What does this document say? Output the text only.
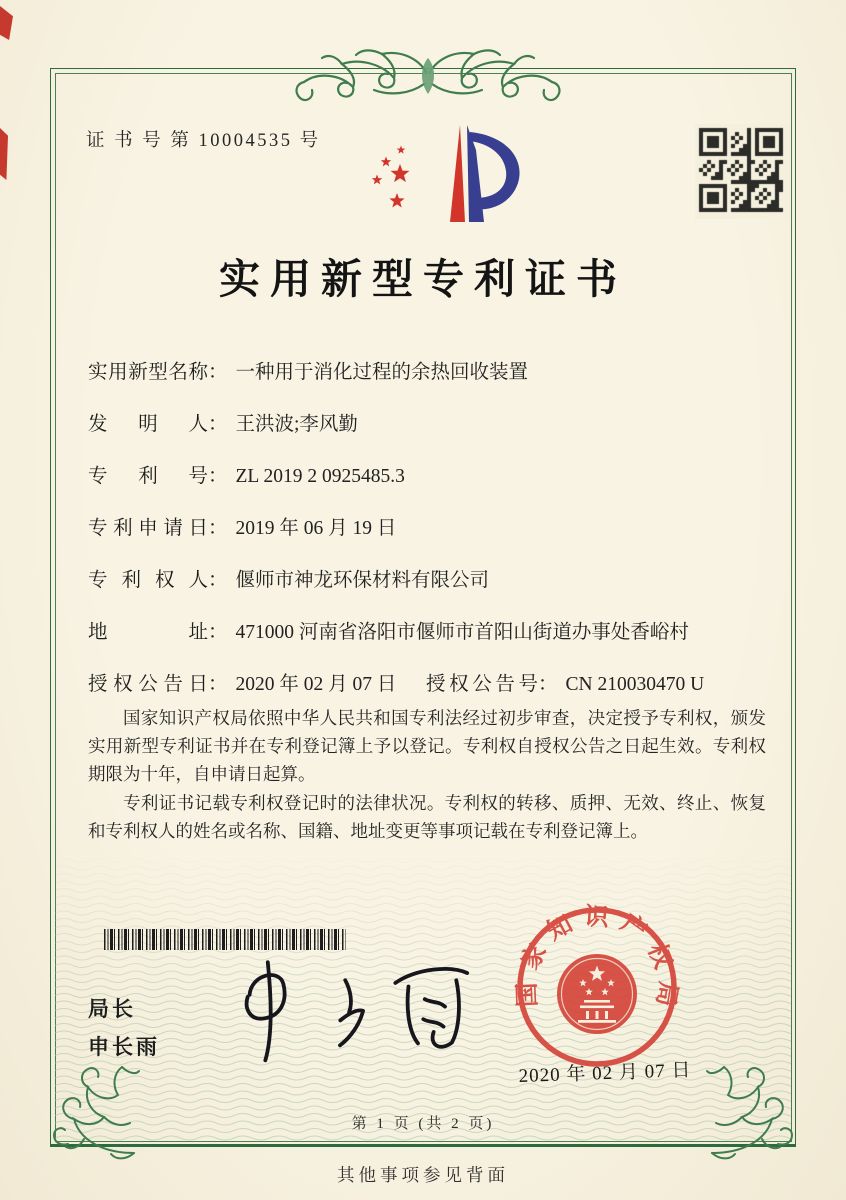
证 书 号 第 10004535 号
实用新型专利证书
实用新型名称： 一种用于消化过程的余热回收装置
发明人： 王洪波;李风勤
专利号： ZL 2019 2 0925485.3
专利申请日： 2019 年 06 月 19 日
专利权人： 偃师市神龙环保材料有限公司
地址： 471000 河南省洛阳市偃师市首阳山街道办事处香峪村
授权公告日： 2020 年 02 月 07 日 授权公告号： CN 210030470 U

国家知识产权局依照中华人民共和国专利法经过初步审查，决定授予专利权，颁发实用新型专利证书并在专利登记簿上予以登记。专利权自授权公告之日起生效。专利权期限为十年，自申请日起算。

专利证书记载专利权登记时的法律状况。专利权的转移、质押、无效、终止、恢复和专利权人的姓名或名称、国籍、地址变更等事项记载在专利登记簿上。

局长
申长雨
国家知识产权局
2020 年 02 月 07 日
第 1 页 (共 2 页)
其他事项参见背面
